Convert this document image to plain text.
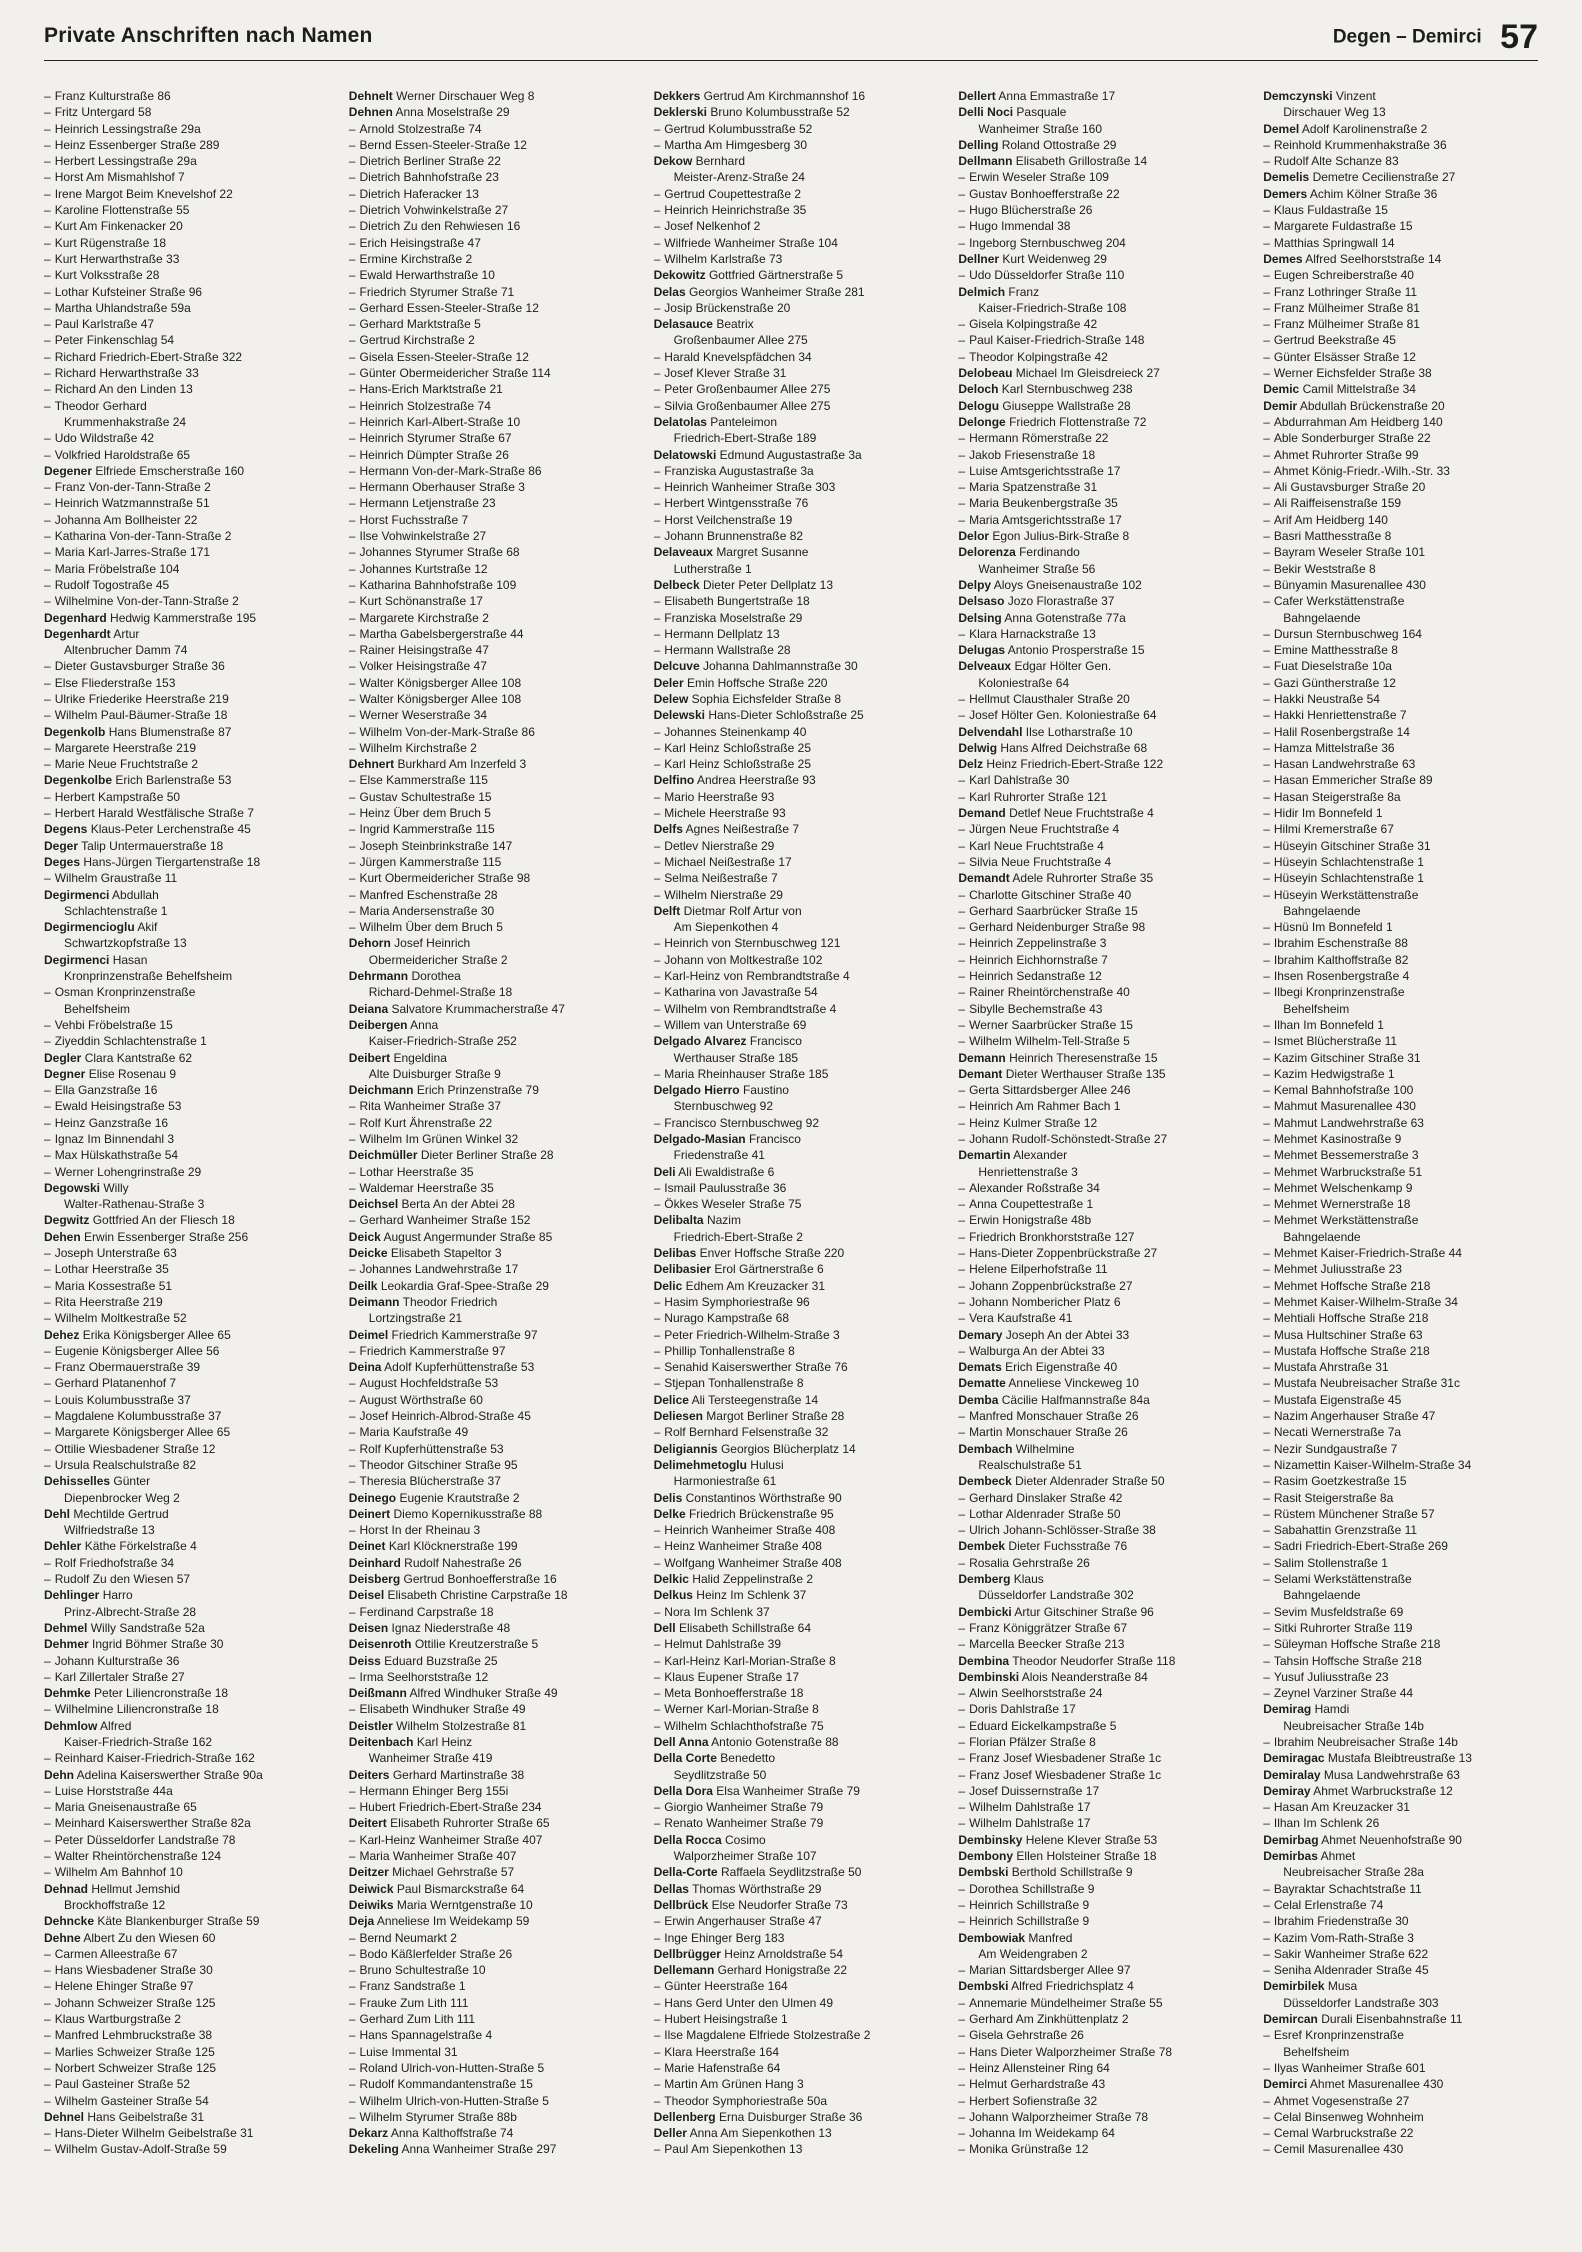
Private Anschriften nach Namen	Degen – Demirci 57
– Franz Kulturstraße 86
– Fritz Untergard 58
– Heinrich Lessingstraße 29a
– Heinz Essenberger Straße 289
– Herbert Lessingstraße 29a
– Horst Am Mismahlshof 7
– Irene Margot Beim Knevelshof 22
– Karoline Flottenstraße 55
– Kurt Am Finkenacker 20
– Kurt Rügenstraße 18
– Kurt Herwarthstraße 33
– Kurt Volksstraße 28
– Lothar Kufsteiner Straße 96
– Martha Uhlandstraße 59a
– Paul Karlstraße 47
– Peter Finkenschlag 54
– Richard Friedrich-Ebert-Straße 322
– Richard Herwarthstraße 33
– Richard An den Linden 13
– Theodor Gerhard
Krummenhakstraße 24
– Udo Wildstraße 42
– Volkfried Haroldstraße 65
Degener Elfriede Emscherstraße 160
– Franz Von-der-Tann-Straße 2
– Heinrich Watzmannstraße 51
– Johanna Am Bollheister 22
– Katharina Von-der-Tann-Straße 2
– Maria Karl-Jarres-Straße 171
– Maria Fröbelstraße 104
– Rudolf Togostraße 45
– Wilhelmine Von-der-Tann-Straße 2
Degenhard Hedwig Kammerstraße 195
Degenhardt Artur
Altenbrucher Damm 74
– Dieter Gustavsburger Straße 36
– Else Fliederstraße 153
– Ulrike Friederike Heerstraße 219
– Wilhelm Paul-Bäumer-Straße 18
Degenkolb Hans Blumenstraße 87
– Margarete Heerstraße 219
– Marie Neue Fruchtstraße 2
Degenkolbe Erich Barlenstraße 53
– Herbert Kampstraße 50
– Herbert Harald Westfälische Straße 7
Degens Klaus-Peter Lerchenstraße 45
Deger Talip Untermauerstraße 18
Deges Hans-Jürgen Tiergartenstraße 18
– Wilhelm Graustraße 11
Degirmenci Abdullah
Schlachtenstraße 1
Degirmencioglu Akif
Schwartzkopfstraße 13
Degirmenci Hasan
Kronprinzenstraße Behelfsheim
– Osman Kronprinzenstraße
Behelfsheim
– Vehbi Fröbelstraße 15
– Ziyeddin Schlachtenstraße 1
Degler Clara Kantstraße 62
Degner Elise Rosenau 9
– Ella Ganzstraße 16
– Ewald Heisingstraße 53
– Heinz Ganzstraße 16
– Ignaz Im Binnendahl 3
– Max Hülskathstraße 54
– Werner Lohengrinstraße 29
Degowski Willy
Walter-Rathenau-Straße 3
Degwitz Gottfried An der Fliesch 18
Dehen Erwin Essenberger Straße 256
– Joseph Unterstraße 63
– Lothar Heerstraße 35
– Maria Kossestraße 51
– Rita Heerstraße 219
– Wilhelm Moltkestraße 52
Dehez Erika Königsberger Allee 65
– Eugenie Königsberger Allee 56
– Franz Obermauerstraße 39
– Gerhard Platanenhof 7
– Louis Kolumbusstraße 37
– Magdalene Kolumbusstraße 37
– Margarete Königsberger Allee 65
– Ottilie Wiesbadener Straße 12
– Ursula Realschulstraße 82
Dehisselles Günter
Diepenbrocker Weg 2
Dehl Mechtilde Gertrud
Wilfriedstraße 13
Dehler Käthe Förkelstraße 4
– Rolf Friedhofstraße 34
– Rudolf Zu den Wiesen 57
Dehlinger Harro
Prinz-Albrecht-Straße 28
Dehmel Willy Sandstraße 52a
Dehmer Ingrid Böhmer Straße 30
– Johann Kulturstraße 36
– Karl Zillertaler Straße 27
Dehmke Peter Liliencronstraße 18
– Wilhelmine Liliencronstraße 18
Dehmlow Alfred
Kaiser-Friedrich-Straße 162
– Reinhard Kaiser-Friedrich-Straße 162
Dehn Adelina Kaiserswerther Straße 90a
– Luise Horststraße 44a
– Maria Gneisenaustraße 65
– Meinhard Kaiserswerther Straße 82a
– Peter Düsseldorfer Landstraße 78
– Walter Rheintörchenstraße 124
– Wilhelm Am Bahnhof 10
Dehnad Hellmut Jemshid
Brockhoffstraße 12
Dehncke Käte Blankenburger Straße 59
Dehne Albert Zu den Wiesen 60
– Carmen Alleestraße 67
– Hans Wiesbadener Straße 30
– Helene Ehinger Straße 97
– Johann Schweizer Straße 125
– Klaus Wartburgstraße 2
– Manfred Lehmbruckstraße 38
– Marlies Schweizer Straße 125
– Norbert Schweizer Straße 125
– Paul Gasteiner Straße 52
– Wilhelm Gasteiner Straße 54
Dehnel Hans Geibelstraße 31
– Hans-Dieter Wilhelm Geibelstraße 31
– Wilhelm Gustav-Adolf-Straße 59
Dehnelt Werner Dirschauer Weg 8
Dehnen Anna Moselstraße 29
– Arnold Stolzestraße 74
– Bernd Essen-Steeler-Straße 12
– Dietrich Berliner Straße 22
– Dietrich Bahnhofstraße 23
– Dietrich Haferacker 13
– Dietrich Vohwinkelstraße 27
– Dietrich Zu den Rehwiesen 16
– Erich Heisingstraße 47
– Ermine Kirchstraße 2
– Ewald Herwarthstraße 10
– Friedrich Styrumer Straße 71
– Gerhard Essen-Steeler-Straße 12
– Gerhard Marktstraße 5
– Gertrud Kirchstraße 2
– Gisela Essen-Steeler-Straße 12
– Günter Obermeidericher Straße 114
– Hans-Erich Marktstraße 21
– Heinrich Stolzestraße 74
– Heinrich Karl-Albert-Straße 10
– Heinrich Styrumer Straße 67
– Heinrich Dümpter Straße 26
– Hermann Von-der-Mark-Straße 86
– Hermann Oberhauser Straße 3
– Hermann Letjenstraße 23
– Horst Fuchsstraße 7
– Ilse Vohwinkelstraße 27
– Johannes Styrumer Straße 68
– Johannes Kurtstraße 12
– Katharina Bahnhofstraße 109
– Kurt Schönanstraße 17
– Margarete Kirchstraße 2
– Martha Gabelsbergerstraße 44
– Rainer Heisingstraße 47
– Volker Heisingstraße 47
– Walter Königsberger Allee 108
– Walter Königsberger Allee 108
– Werner Weserstraße 34
– Wilhelm Von-der-Mark-Straße 86
– Wilhelm Kirchstraße 2
Dehnert Burkhard Am Inzerfeld 3
– Else Kammerstraße 115
– Gustav Schultestraße 15
– Heinz Über dem Bruch 5
– Ingrid Kammerstraße 115
– Joseph Steinbrinkstraße 147
– Jürgen Kammerstraße 115
– Kurt Obermeidericher Straße 98
– Manfred Eschenstraße 28
– Maria Andersenstraße 30
– Wilhelm Über dem Bruch 5
Dehorn Josef Heinrich
Obermeidericher Straße 2
Dehrmann Dorothea
Richard-Dehmel-Straße 18
Deiana Salvatore Krummacherstraße 47
Deibergen Anna
Kaiser-Friedrich-Straße 252
Deibert Engeldina
Alte Duisburger Straße 9
Deichmann Erich Prinzenstraße 79
– Rita Wanheimer Straße 37
– Rolf Kurt Ährenstraße 22
– Wilhelm Im Grünen Winkel 32
Deichmüller Dieter Berliner Straße 28
– Lothar Heerstraße 35
– Waldemar Heerstraße 35
Deichsel Berta An der Abtei 28
– Gerhard Wanheimer Straße 152
Deick August Angermunder Straße 85
Deicke Elisabeth Stapeltor 3
– Johannes Landwehrstraße 17
Deilk Leokardia Graf-Spee-Straße 29
Deimann Theodor Friedrich
Lortzingstraße 21
Deimel Friedrich Kammerstraße 97
– Friedrich Kammerstraße 97
Deina Adolf Kupferhüttenstraße 53
– August Hochfeldstraße 53
– August Wörthstraße 60
– Josef Heinrich-Albrod-Straße 45
– Maria Kaufstraße 49
– Rolf Kupferhüttenstraße 53
– Theodor Gitschiner Straße 95
– Theresia Blücherstraße 37
Deinego Eugenie Krautstraße 2
Deinert Diemo Kopernikusstraße 88
– Horst In der Rheinau 3
Deinet Karl Klöcknerstraße 199
Deinhard Rudolf Nahestraße 26
Deisberg Gertrud Bonhoefferstraße 16
Deisel Elisabeth Christine Carpstraße 18
– Ferdinand Carpstraße 18
Deisen Ignaz Niederstraße 48
Deisenroth Ottilie Kreutzerstraße 5
Deiss Eduard Buzstraße 25
– Irma Seelhorststraße 12
Deißmann Alfred Windhuker Straße 49
– Elisabeth Windhuker Straße 49
Deistler Wilhelm Stolzestraße 81
Deitenbach Karl Heinz
Wanheimer Straße 419
Deiters Gerhard Martinstraße 38
– Hermann Ehinger Berg 155i
– Hubert Friedrich-Ebert-Straße 234
Deitert Elisabeth Ruhrorter Straße 65
– Karl-Heinz Wanheimer Straße 407
– Maria Wanheimer Straße 407
Deitzer Michael Gehrstraße 57
Deiwick Paul Bismarckstraße 64
Deiwiks Maria Werntgenstraße 10
Deja Anneliese Im Weidekamp 59
– Bernd Neumarkt 2
– Bodo Käßlerfelder Straße 26
– Bruno Schultestraße 10
– Franz Sandstraße 1
– Frauke Zum Lith 111
– Gerhard Zum Lith 111
– Hans Spannagelstraße 4
– Luise Immental 31
– Roland Ulrich-von-Hutten-Straße 5
– Rudolf Kommandantenstraße 15
– Wilhelm Ulrich-von-Hutten-Straße 5
– Wilhelm Styrumer Straße 88b
Dekarz Anna Kalthoffstraße 74
Dekeling Anna Wanheimer Straße 297
Dekkers Gertrud Am Kirchmannshof 16
Deklerski Bruno Kolumbusstraße 52
– Gertrud Kolumbusstraße 52
– Martha Am Himgesberg 30
Dekow Bernhard
Meister-Arenz-Straße 24
– Gertrud Coupettestraße 2
– Heinrich Heinrichstraße 35
– Josef Nelkenhof 2
– Wilfriede Wanheimer Straße 104
– Wilhelm Karlstraße 73
Dekowitz Gottfried Gärtnerstraße 5
Delas Georgios Wanheimer Straße 281
– Josip Brückenstraße 20
Delasauce Beatrix
Großenbaumer Allee 275
– Harald Knevelspfädchen 34
– Josef Klever Straße 31
– Peter Großenbaumer Allee 275
– Silvia Großenbaumer Allee 275
Delatolas Panteleimon
Friedrich-Ebert-Straße 189
Delatowski Edmund Augustastraße 3a
– Franziska Augustastraße 3a
– Heinrich Wanheimer Straße 303
– Herbert Wintgensstraße 76
– Horst Veilchenstraße 19
– Johann Brunnenstraße 82
Delaveaux Margret Susanne
Lutherstraße 1
Delbeck Dieter Peter Dellplatz 13
– Elisabeth Bungertstraße 18
– Franziska Moselstraße 29
– Hermann Dellplatz 13
– Hermann Wallstraße 28
Delcuve Johanna Dahlmannstraße 30
Deler Emin Hoffsche Straße 220
Delew Sophia Eichsfelder Straße 8
Delewski Hans-Dieter Schloßstraße 25
– Johannes Steinenkamp 40
– Karl Heinz Schloßstraße 25
– Karl Heinz Schloßstraße 25
Delfino Andrea Heerstraße 93
– Mario Heerstraße 93
– Michele Heerstraße 93
Delfs Agnes Neißestraße 7
– Detlev Nierstraße 29
– Michael Neißestraße 17
– Selma Neißestraße 7
– Wilhelm Nierstraße 29
Delft Dietmar Rolf Artur von
Am Siepenkothen 4
– Heinrich von Sternbuschweg 121
– Johann von Moltkestraße 102
– Karl-Heinz von Rembrandtstraße 4
– Katharina von Javastraße 54
– Wilhelm von Rembrandtstraße 4
– Willem van Unterstraße 69
Delgado Alvarez Francisco
Werthauser Straße 185
– Maria Rheinhauser Straße 185
Delgado Hierro Faustino
Sternbuschweg 92
– Francisco Sternbuschweg 92
Delgado-Masian Francisco
Friedenstraße 41
Deli Ali Ewaldistraße 6
– Ismail Paulusstraße 36
– Ökkes Weseler Straße 75
Delibalta Nazim
Friedrich-Ebert-Straße 2
Delibas Enver Hoffsche Straße 220
Delibasier Erol Gärtnerstraße 6
Delic Edhem Am Kreuzacker 31
– Hasim Symphoriestraße 96
– Nurago Kampstraße 68
– Peter Friedrich-Wilhelm-Straße 3
– Phillip Tonhallenstraße 8
– Senahid Kaiserswerther Straße 76
– Stjepan Tonhallenstraße 8
Delice Ali Tersteegenstraße 14
Deliesen Margot Berliner Straße 28
– Rolf Bernhard Felsenstraße 32
Deligiannis Georgios Blücherplatz 14
Delimehmetoglu Hulusi
Harmoniestraße 61
Delis Constantinos Wörthstraße 90
Delke Friedrich Brückenstraße 95
– Heinrich Wanheimer Straße 408
– Heinz Wanheimer Straße 408
– Wolfgang Wanheimer Straße 408
Delkic Halid Zeppelinstraße 2
Delkus Heinz Im Schlenk 37
– Nora Im Schlenk 37
Dell Elisabeth Schillstraße 64
– Helmut Dahlstraße 39
– Karl-Heinz Karl-Morian-Straße 8
– Klaus Eupener Straße 17
– Meta Bonhoefferstraße 18
– Werner Karl-Morian-Straße 8
– Wilhelm Schlachthofstraße 75
Dell Anna Antonio Gotenstraße 88
Della Corte Benedetto
Seydlitzstraße 50
Della Dora Elsa Wanheimer Straße 79
– Giorgio Wanheimer Straße 79
– Renato Wanheimer Straße 79
Della Rocca Cosimo
Walporzheimer Straße 107
Della-Corte Raffaela Seydlitzstraße 50
Dellas Thomas Wörthstraße 29
Dellbrück Else Neudorfer Straße 73
– Erwin Angerhauser Straße 47
– Inge Ehinger Berg 183
Dellbrügger Heinz Arnoldstraße 54
Dellemann Gerhard Honigstraße 22
– Günter Heerstraße 164
– Hans Gerd Unter den Ulmen 49
– Hubert Heisingstraße 1
– Ilse Magdalene Elfriede Stolzestraße 2
– Klara Heerstraße 164
– Marie Hafenstraße 64
– Martin Am Grünen Hang 3
– Theodor Symphoriestraße 50a
Dellenberg Erna Duisburger Straße 36
Deller Anna Am Siepenkothen 13
– Paul Am Siepenkothen 13
Dellert Anna Emmastraße 17
Delli Noci Pasquale
Wanheimer Straße 160
Delling Roland Ottostraße 29
Dellmann Elisabeth Grillostraße 14
– Erwin Weseler Straße 109
– Gustav Bonhoefferstraße 22
– Hugo Blücherstraße 26
– Hugo Immendal 38
– Ingeborg Sternbuschweg 204
Dellner Kurt Weidenweg 29
– Udo Düsseldorfer Straße 110
Delmich Franz
Kaiser-Friedrich-Straße 108
– Gisela Kolpingstraße 42
– Paul Kaiser-Friedrich-Straße 148
– Theodor Kolpingstraße 42
Delobeau Michael Im Gleisdreieck 27
Deloch Karl Sternbuschweg 238
Delogu Giuseppe Wallstraße 28
Delonge Friedrich Flottenstraße 72
– Hermann Römerstraße 22
– Jakob Friesenstraße 18
– Luise Amtsgerichtsstraße 17
– Maria Spatzenstraße 31
– Maria Beukenbergstraße 35
– Maria Amtsgerichtsstraße 17
Delor Egon Julius-Birk-Straße 8
Delorenza Ferdinando
Wanheimer Straße 56
Delpy Aloys Gneisenaustraße 102
Delsaso Jozo Florastraße 37
Delsing Anna Gotenstraße 77a
– Klara Harnackstraße 13
Delugas Antonio Prosperstraße 15
Delveaux Edgar Hölter Gen.
Koloniestraße 64
– Hellmut Clausthaler Straße 20
– Josef Hölter Gen. Koloniestraße 64
Delvendahl Ilse Lotharstraße 10
Delwig Hans Alfred Deichstraße 68
Delz Heinz Friedrich-Ebert-Straße 122
– Karl Dahlstraße 30
– Karl Ruhrorter Straße 121
Demand Detlef Neue Fruchtstraße 4
– Jürgen Neue Fruchtstraße 4
– Karl Neue Fruchtstraße 4
– Silvia Neue Fruchtstraße 4
Demandt Adele Ruhrorter Straße 35
– Charlotte Gitschiner Straße 40
– Gerhard Saarbrücker Straße 15
– Gerhard Neidenburger Straße 98
– Heinrich Zeppelinstraße 3
– Heinrich Eichhornstraße 7
– Heinrich Sedanstraße 12
– Rainer Rheintörchenstraße 40
– Sibylle Bechemstraße 43
– Werner Saarbrücker Straße 15
– Wilhelm Wilhelm-Tell-Straße 5
Demann Heinrich Theresenstraße 15
Demant Dieter Werthauser Straße 135
– Gerta Sittardsberger Allee 246
– Heinrich Am Rahmer Bach 1
– Heinz Kulmer Straße 12
– Johann Rudolf-Schönstedt-Straße 27
Demartin Alexander
Henriettenstraße 3
– Alexander Roßstraße 34
– Anna Coupettestraße 1
– Erwin Honigstraße 48b
– Friedrich Bronkhorststraße 127
– Hans-Dieter Zoppenbrückstraße 27
– Helene Eilperhofstraße 11
– Johann Zoppenbrückstraße 27
– Johann Nombericher Platz 6
– Vera Kaufstraße 41
Demary Joseph An der Abtei 33
– Walburga An der Abtei 33
Demats Erich Eigenstraße 40
Dematte Anneliese Vinckeweg 10
Demba Cäcilie Halfmannstraße 84a
– Manfred Monschauer Straße 26
– Martin Monschauer Straße 26
Dembach Wilhelmine
Realschulstraße 51
Dembeck Dieter Aldenrader Straße 50
– Gerhard Dinslaker Straße 42
– Lothar Aldenrader Straße 50
– Ulrich Johann-Schlösser-Straße 38
Dembek Dieter Fuchsstraße 76
– Rosalia Gehrstraße 26
Demberg Klaus
Düsseldorfer Landstraße 302
Dembicki Artur Gitschiner Straße 96
– Franz Königgrätzer Straße 67
– Marcella Beecker Straße 213
Dembina Theodor Neudorfer Straße 118
Dembinski Alois Neanderstraße 84
– Alwin Seelhorststraße 24
– Doris Dahlstraße 17
– Eduard Eickelkampstraße 5
– Florian Pfälzer Straße 8
– Franz Josef Wiesbadener Straße 1c
– Franz Josef Wiesbadener Straße 1c
– Josef Duissernstraße 17
– Wilhelm Dahlstraße 17
– Wilhelm Dahlstraße 17
Dembinsky Helene Klever Straße 53
Dembony Ellen Holsteiner Straße 18
Dembski Berthold Schillstraße 9
– Dorothea Schillstraße 9
– Heinrich Schillstraße 9
– Heinrich Schillstraße 9
Dembowiak Manfred
Am Weidengraben 2
– Marian Sittardsberger Allee 97
Dembski Alfred Friedrichsplatz 4
– Annemarie Mündelheimer Straße 55
– Gerhard Am Zinkhüttenplatz 2
– Gisela Gehrstraße 26
– Hans Dieter Walporzheimer Straße 78
– Heinz Allensteiner Ring 64
– Helmut Gerhardstraße 43
– Herbert Sofienstraße 32
– Johann Walporzheimer Straße 78
– Johanna Im Weidekamp 64
– Monika Grünstraße 12
Demczynski Vinzent
Dirschauer Weg 13
Demel Adolf Karolinenstraße 2
– Reinhold Krummenhakstraße 36
– Rudolf Alte Schanze 83
Demelis Demetre Cecilienstraße 27
Demers Achim Kölner Straße 36
– Klaus Fuldastraße 15
– Margarete Fuldastraße 15
– Matthias Springwall 14
Demes Alfred Seelhorststraße 14
– Eugen Schreiberstraße 40
– Franz Lothringer Straße 11
– Franz Mülheimer Straße 81
– Franz Mülheimer Straße 81
– Gertrud Beekstraße 45
– Günter Elsässer Straße 12
– Werner Eichsfelder Straße 38
Demic Camil Mittelstraße 34
Demir Abdullah Brückenstraße 20
– Abdurrahman Am Heidberg 140
– Able Sonderburger Straße 22
– Ahmet Ruhrorter Straße 99
– Ahmet König-Friedr.-Wilh.-Str. 33
– Ali Gustavsburger Straße 20
– Ali Raiffeisenstraße 159
– Arif Am Heidberg 140
– Basri Matthesstraße 8
– Bayram Weseler Straße 101
– Bekir Weststraße 8
– Bünyamin Masurenallee 430
– Cafer Werkstättenstraße
Bahngelaende
– Dursun Sternbuschweg 164
– Emine Matthesstraße 8
– Fuat Dieselstraße 10a
– Gazi Güntherstraße 12
– Hakki Neustraße 54
– Hakki Henriettenstraße 7
– Halil Rosenbergstraße 14
– Hamza Mittelstraße 36
– Hasan Landwehrstraße 63
– Hasan Emmericher Straße 89
– Hasan Steigerstraße 8a
– Hidir Im Bonnefeld 1
– Hilmi Kremerstraße 67
– Hüseyin Gitschiner Straße 31
– Hüseyin Schlachtenstraße 1
– Hüseyin Schlachtenstraße 1
– Hüseyin Werkstättenstraße
Bahngelaende
– Hüsnü Im Bonnefeld 1
– Ibrahim Eschenstraße 88
– Ibrahim Kalthoffstraße 82
– Ihsen Rosenbergstraße 4
– Ilbegi Kronprinzenstraße
Behelfsheim
– Ilhan Im Bonnefeld 1
– Ismet Blücherstraße 11
– Kazim Gitschiner Straße 31
– Kazim Hedwigstraße 1
– Kemal Bahnhofstraße 100
– Mahmut Masurenallee 430
– Mahmut Landwehrstraße 63
– Mehmet Kasinostraße 9
– Mehmet Bessemerstraße 3
– Mehmet Warbruckstraße 51
– Mehmet Welschenkamp 9
– Mehmet Wernerstraße 18
– Mehmet Werkstättenstraße
Bahngelaende
– Mehmet Kaiser-Friedrich-Straße 44
– Mehmet Juliusstraße 23
– Mehmet Hoffsche Straße 218
– Mehmet Kaiser-Wilhelm-Straße 34
– Mehtiali Hoffsche Straße 218
– Musa Hultschiner Straße 63
– Mustafa Hoffsche Straße 218
– Mustafa Ahrstraße 31
– Mustafa Neubreisacher Straße 31c
– Mustafa Eigenstraße 45
– Nazim Angerhauser Straße 47
– Necati Wernerstraße 7a
– Nezir Sundgaustraße 7
– Nizamettin Kaiser-Wilhelm-Straße 34
– Rasim Goetzkestraße 15
– Rasit Steigerstraße 8a
– Rüstem Münchener Straße 57
– Sabahattin Grenzstraße 11
– Sadri Friedrich-Ebert-Straße 269
– Salim Stollenstraße 1
– Selami Werkstättenstraße
Bahngelaende
– Sevim Musfeldstraße 69
– Sitki Ruhrorter Straße 119
– Süleyman Hoffsche Straße 218
– Tahsin Hoffsche Straße 218
– Yusuf Juliusstraße 23
– Zeynel Varziner Straße 44
Demirag Hamdi
Neubreisacher Straße 14b
– Ibrahim Neubreisacher Straße 14b
Demiragac Mustafa Bleibtreustraße 13
Demiralay Musa Landwehrstraße 63
Demiray Ahmet Warbruckstraße 12
– Hasan Am Kreuzacker 31
– Ilhan Im Schlenk 26
Demirbag Ahmet Neuenhofstraße 90
Demirbas Ahmet
Neubreisacher Straße 28a
– Bayraktar Schachtstraße 11
– Celal Erlenstraße 74
– Ibrahim Friedenstraße 30
– Kazim Vom-Rath-Straße 3
– Sakir Wanheimer Straße 622
– Seniha Aldenrader Straße 45
Demirbilek Musa
Düsseldorfer Landstraße 303
Demircan Durali Eisenbahnstraße 11
– Esref Kronprinzenstraße
Behelfsheim
– Ilyas Wanheimer Straße 601
Demirci Ahmet Masurenallee 430
– Ahmet Vogesenstraße 27
– Celal Binsenweg Wohnheim
– Cemal Warbruckstraße 22
– Cemil Masurenallee 430
